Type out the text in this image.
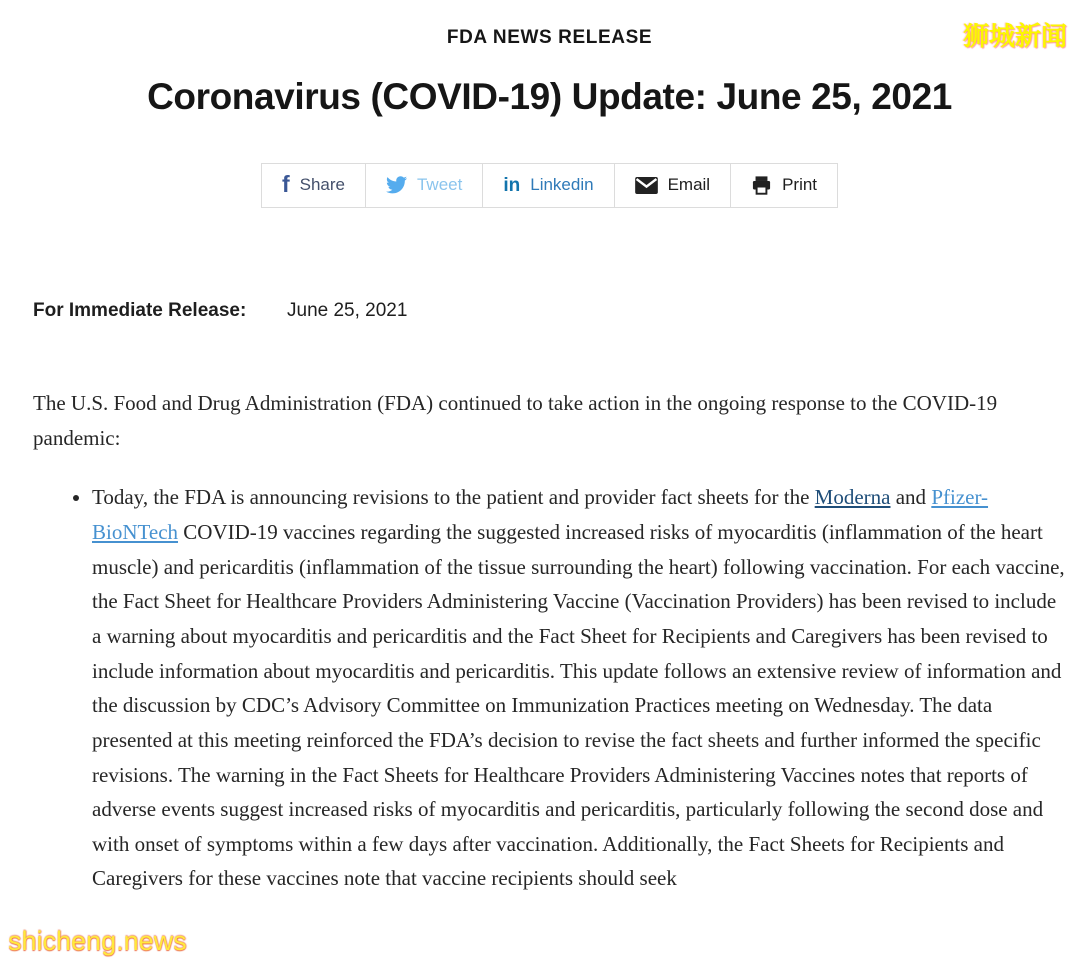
狮城新闻
FDA NEWS RELEASE
Coronavirus (COVID-19) Update: June 25, 2021
f Share	Tweet in Linkedin	Email	Print
For Immediate Release: June 25, 2021

The U.S. Food and Drug Administration (FDA) continued to take action in the ongoing response to the COVID-19 pandemic:

• Today, the FDA is announcing revisions to the patient and provider fact sheets for the Moderna and Pfizer-BioNTech COVID-19 vaccines regarding the suggested increased risks of myocarditis (inflammation of the heart muscle) and pericarditis (inflammation of the tissue surrounding the heart) following vaccination. For each vaccine, the Fact Sheet for Healthcare Providers Administering Vaccine (Vaccination Providers) has been revised to include a warning about myocarditis and pericarditis and the Fact Sheet for Recipients and Caregivers has been revised to include information about myocarditis and pericarditis. This update follows an extensive review of information and the discussion by CDC’s Advisory Committee on Immunization Practices meeting on Wednesday. The data presented at this meeting reinforced the FDA’s decision to revise the fact sheets and further informed the specific revisions. The warning in the Fact Sheets for Healthcare Providers Administering Vaccines notes that reports of adverse events suggest increased risks of myocarditis and pericarditis, particularly following the second dose and with onset of symptoms within a few days after vaccination. Additionally, the Fact Sheets for Recipients and Caregivers for these vaccines note that vaccine recipients should seek
shicheng.news
